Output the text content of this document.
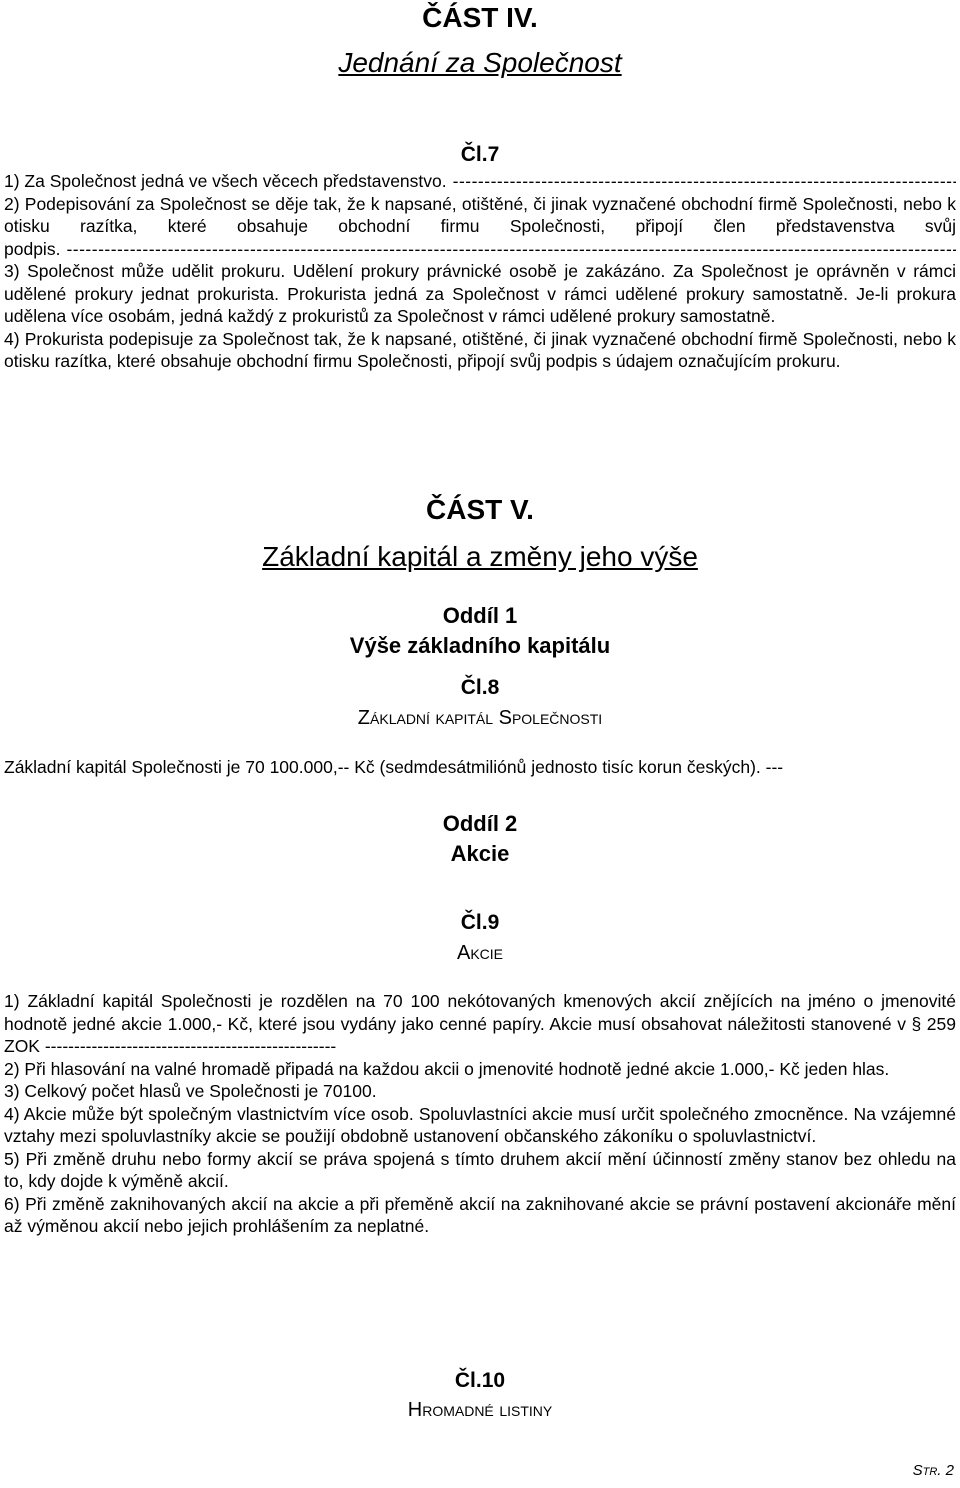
ČÁST IV.
Jednání za Společnost
Čl.7
1) Za Společnost jedná ve všech věcech představenstvo.
-----
2) Podepisování za Společnost se děje tak, že k napsané, otištěné, či jinak vyznačené obchodní firmě Společnosti, nebo k otisku razítka, které obsahuje obchodní firmu Společnosti, připojí člen představenstva svůj podpis. -----
3) Společnost může udělit prokuru. Udělení prokury právnické osobě je zakázáno. Za Společnost je oprávněn v rámci udělené prokury jednat prokurista. Prokurista jedná za Společnost v rámci udělené prokury samostatně. Je-li prokura udělena více osobám, jedná každý z prokuristů za Společnost v rámci udělené prokury samostatně.
4) Prokurista podepisuje za Společnost tak, že k napsané, otištěné, či jinak vyznačené obchodní firmě Společnosti, nebo k otisku razítka, které obsahuje obchodní firmu Společnosti, připojí svůj podpis s údajem označujícím prokuru.
ČÁST V.
Základní kapitál a změny jeho výše
Oddíl 1
Výše základního kapitálu
Čl.8
Základní kapitál Společnosti
Základní kapitál Společnosti je 70 100.000,-- Kč (sedmdesátmiliónů jednosto tisíc korun českých). ---
Oddíl 2
Akcie
Čl.9
Akcie
1) Základní kapitál Společnosti je rozdělen na 70 100 nekótovaných kmenových akcií znějících na jméno o jmenovité hodnotě jedné akcie 1.000,- Kč, které jsou vydány jako cenné papíry. Akcie musí obsahovat náležitosti stanovené v § 259 ZOK --------------------------------------------------
2) Při hlasování na valné hromadě připadá na každou akcii o jmenovité hodnotě jedné akcie 1.000,- Kč jeden hlas.
3) Celkový počet hlasů ve Společnosti je 70100.
4) Akcie může být společným vlastnictvím více osob. Spoluvlastníci akcie musí určit společného zmocněnce. Na vzájemné vztahy mezi spoluvlastníky akcie se použijí obdobně ustanovení občanského zákoníku o spoluvlastnictví.
5) Při změně druhu nebo formy akcií se práva spojená s tímto druhem akcií mění účinností změny stanov bez ohledu na to, kdy dojde k výměně akcií.
6) Při změně zaknihovaných akcií na akcie a při přeměně akcií na zaknihované akcie se právní postavení akcionáře mění až výměnou akcií nebo jejich prohlášením za neplatné.
Čl.10
Hromadné listiny
Str. 2
